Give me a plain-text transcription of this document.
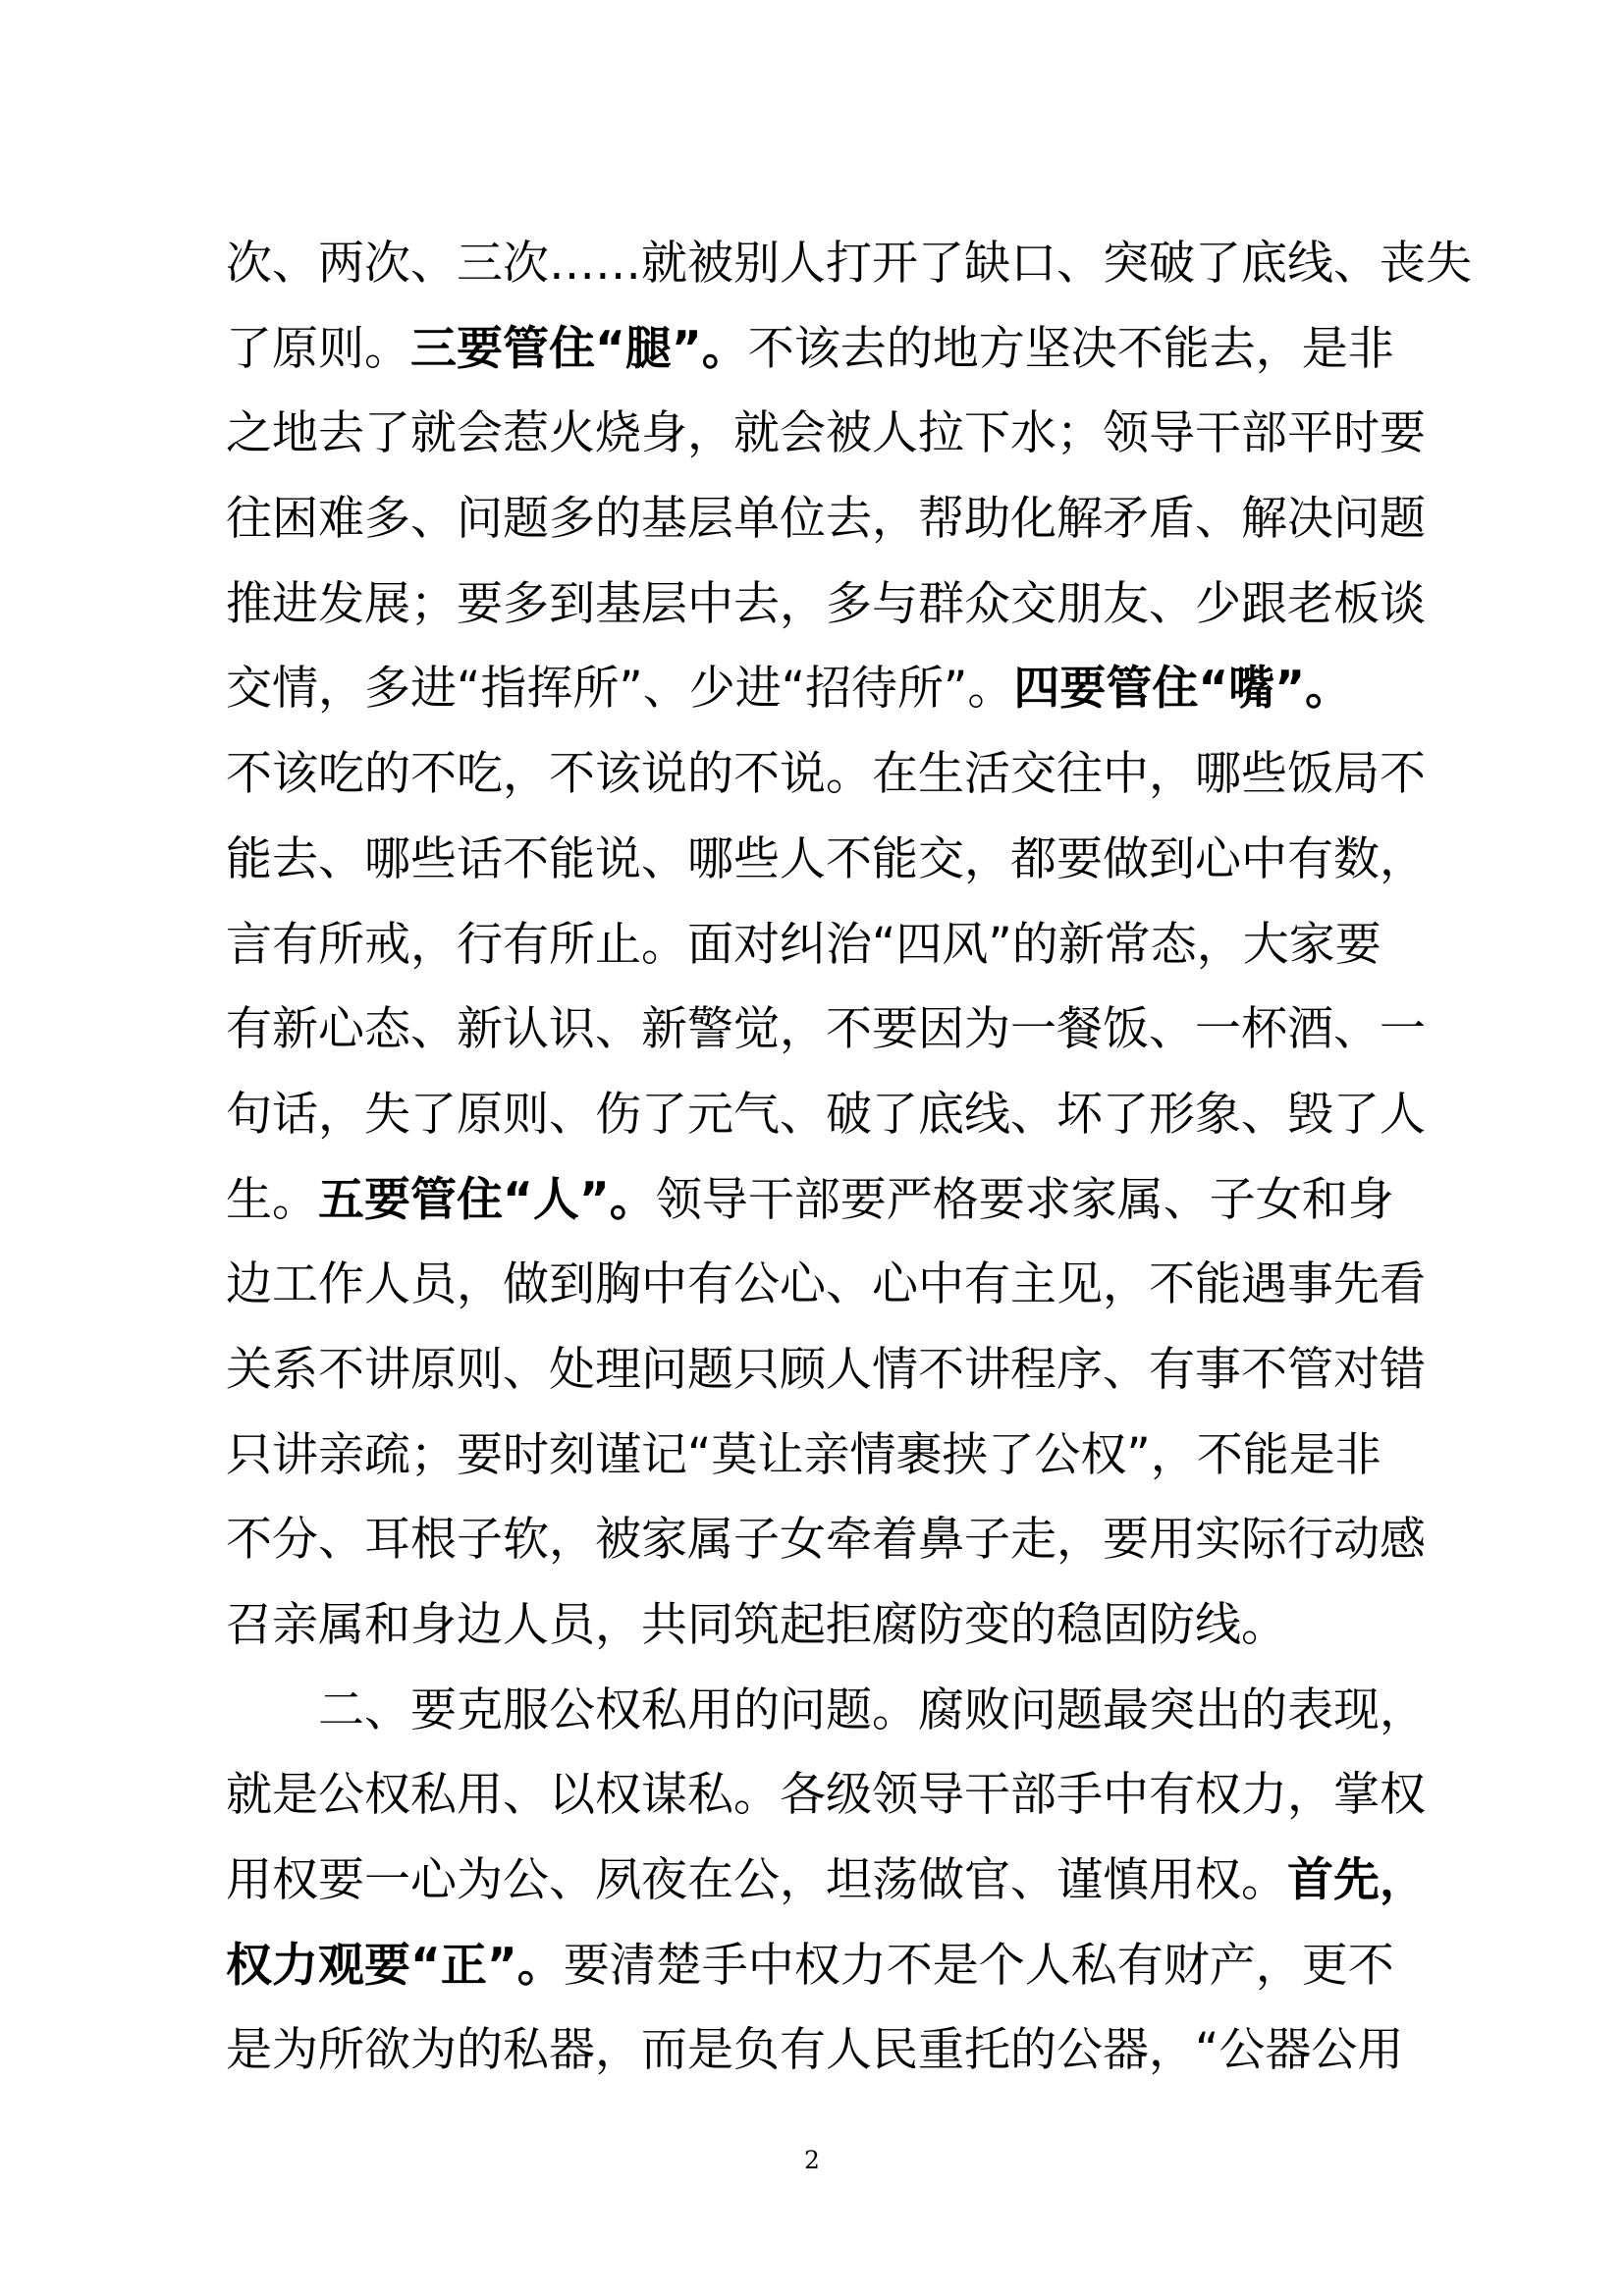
次、两次、三次……就被别人打开了缺口、突破了底线、丧失
了原则。三要管住“腿”。不该去的地方坚决不能去，是非
之地去了就会惹火烧身，就会被人拉下水；领导干部平时要
往困难多、问题多的基层单位去，帮助化解矛盾、解决问题
推进发展；要多到基层中去，多与群众交朋友、少跟老板谈
交情，多进“指挥所”、少进“招待所”。四要管住“嘴”。
不该吃的不吃，不该说的不说。在生活交往中，哪些饭局不
能去、哪些话不能说、哪些人不能交，都要做到心中有数，
言有所戒，行有所止。面对纠治“四风”的新常态，大家要
有新心态、新认识、新警觉，不要因为一餐饭、一杯酒、一
句话，失了原则、伤了元气、破了底线、坏了形象、毁了人
生。五要管住“人”。领导干部要严格要求家属、子女和身
边工作人员，做到胸中有公心、心中有主见，不能遇事先看
关系不讲原则、处理问题只顾人情不讲程序、有事不管对错
只讲亲疏；要时刻谨记“莫让亲情裹挟了公权”，不能是非
不分、耳根子软，被家属子女牵着鼻子走，要用实际行动感
召亲属和身边人员，共同筑起拒腐防变的稳固防线。
二、要克服公权私用的问题。腐败问题最突出的表现，
就是公权私用、以权谋私。各级领导干部手中有权力，掌权
用权要一心为公、夙夜在公，坦荡做官、谨慎用权。首先，
权力观要“正”。要清楚手中权力不是个人私有财产，更不
是为所欲为的私器，而是负有人民重托的公器，“公器公用
2
